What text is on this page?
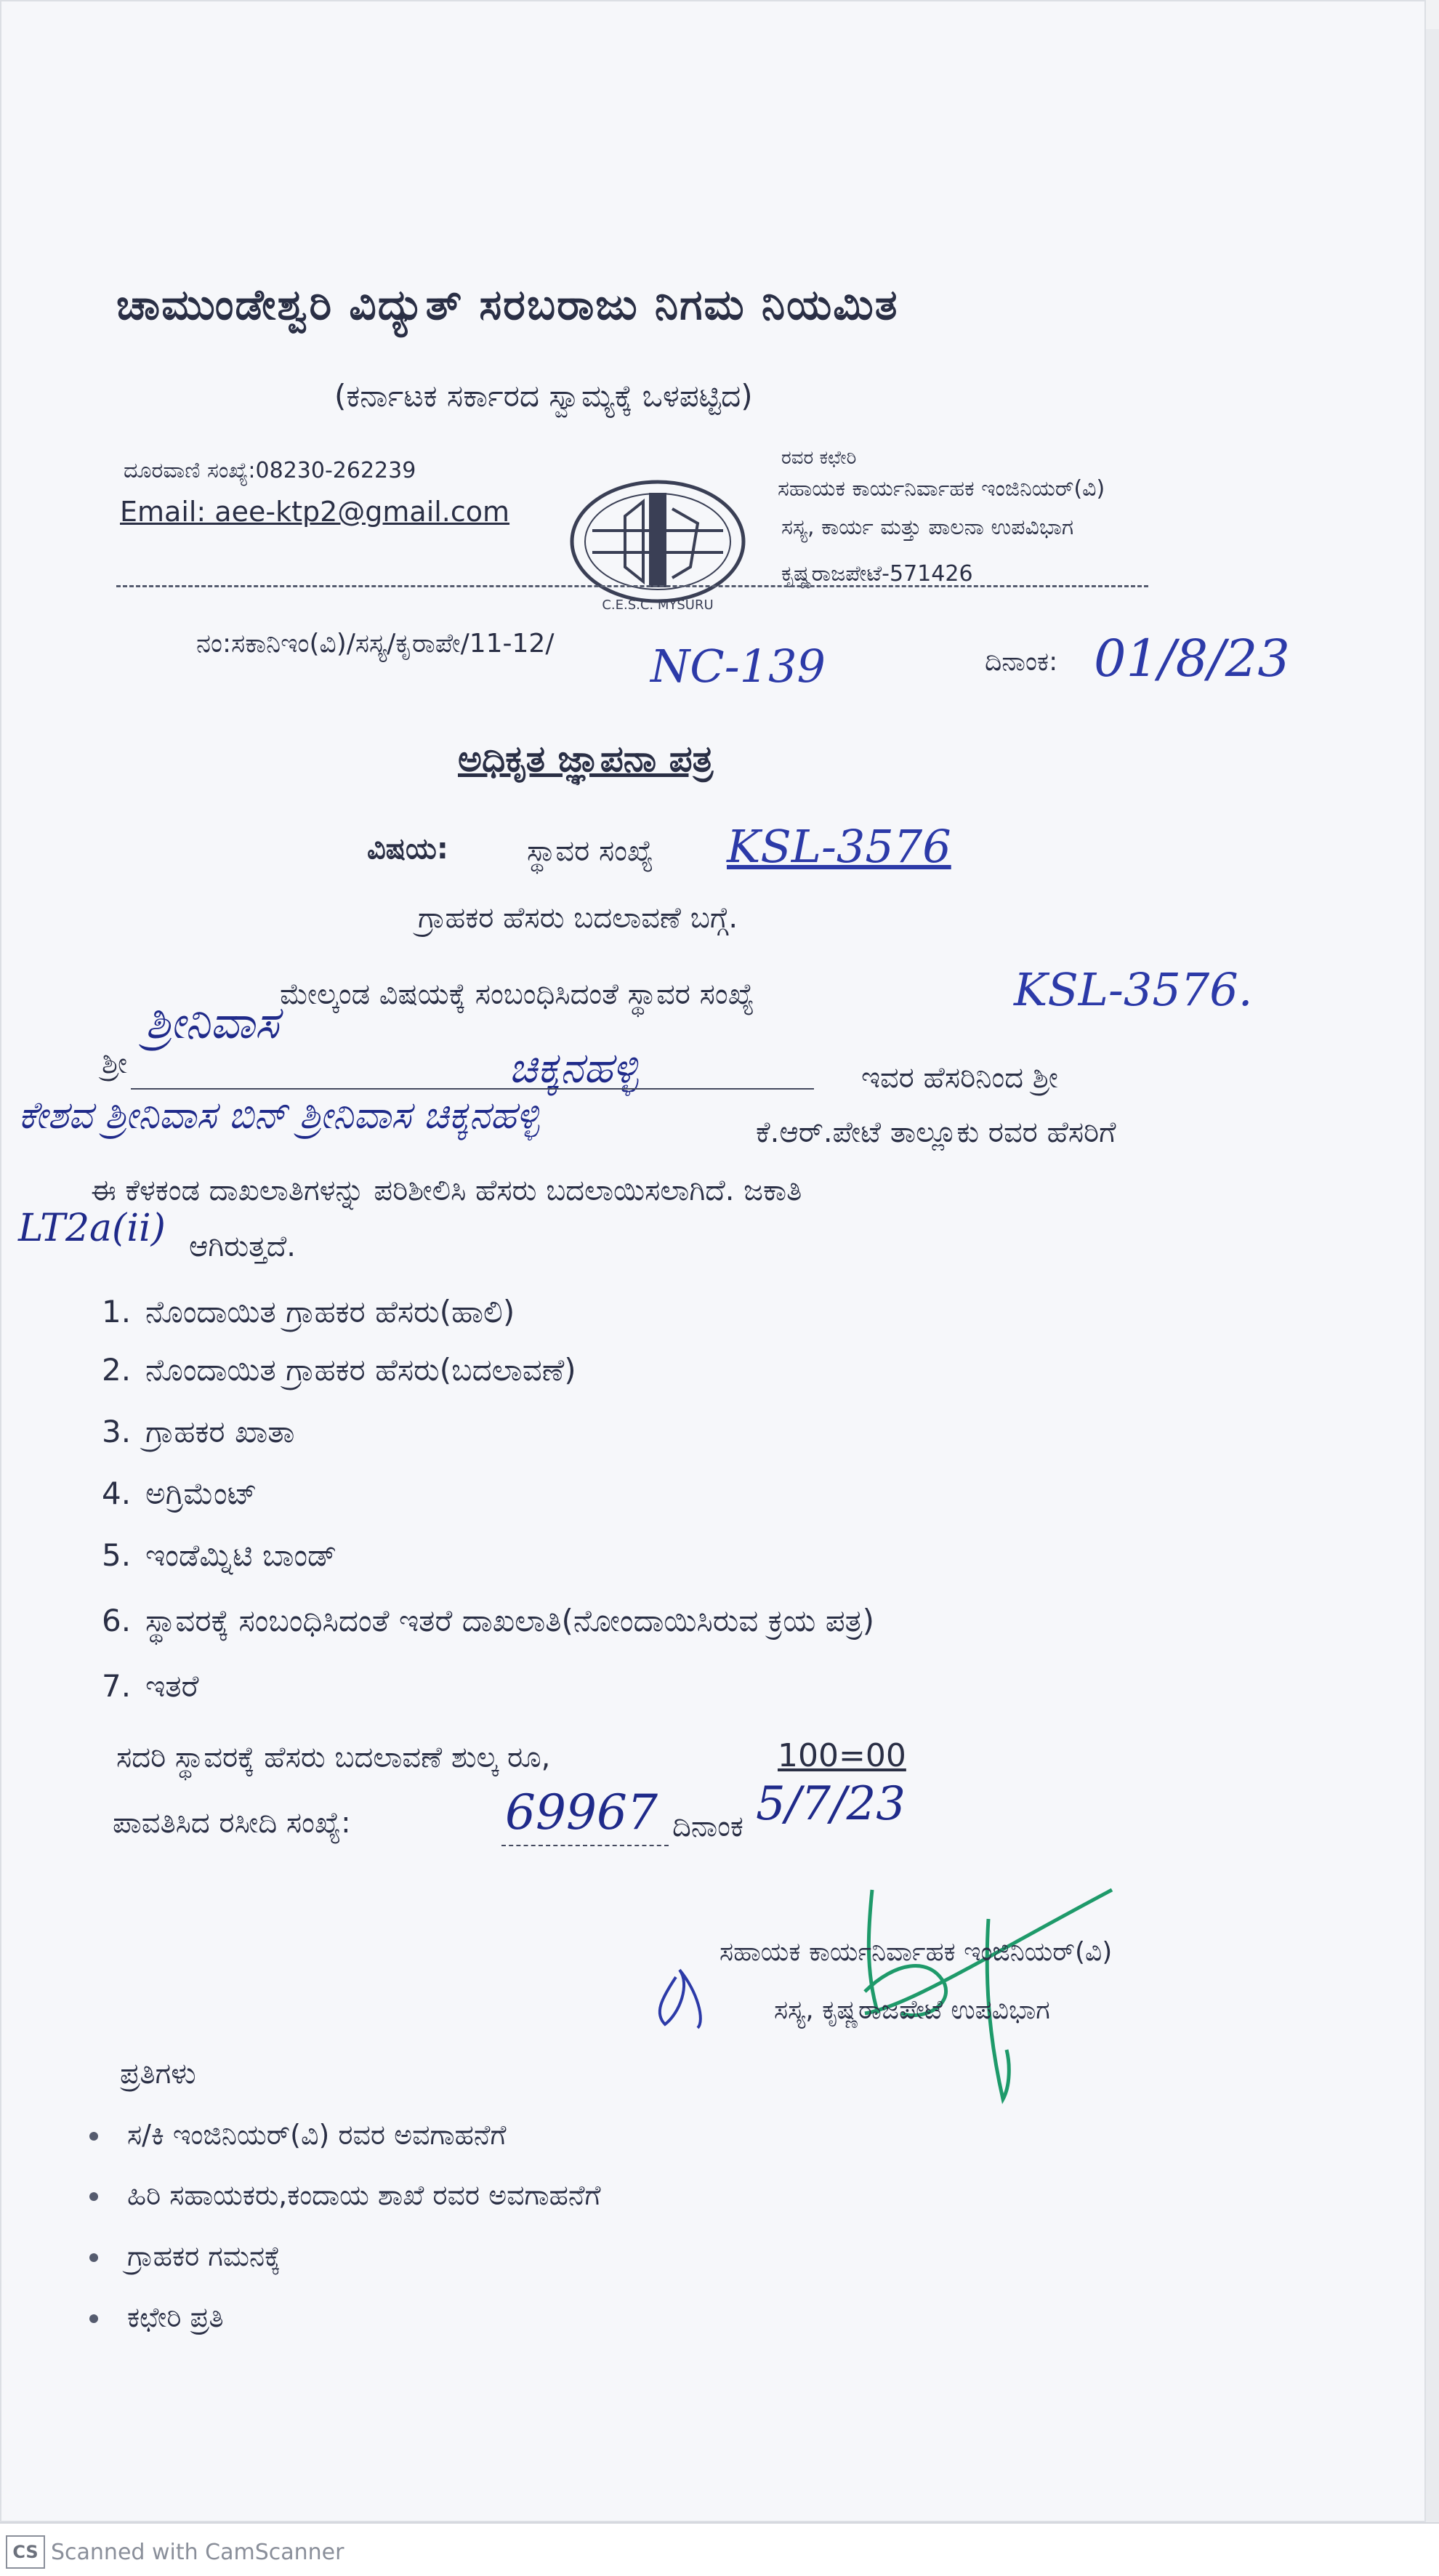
ಚಾಮುಂಡೇಶ್ವರಿ ವಿದ್ಯುತ್ ಸರಬರಾಜು ನಿಗಮ ನಿಯಮಿತ
(ಕರ್ನಾಟಕ ಸರ್ಕಾರದ ಸ್ವಾಮ್ಯಕ್ಕೆ ಒಳಪಟ್ಟಿದ)
ದೂರವಾಣಿ ಸಂಖ್ಯೆ:08230-262239
Email: aee-ktp2@gmail.com
C.E.S.C. MYSURU
ರವರ ಕಛೇರಿ
ಸಹಾಯಕ ಕಾರ್ಯನಿರ್ವಾಹಕ ಇಂಜಿನಿಯರ್(ವಿ)
ಸಸ್ಯ, ಕಾರ್ಯ ಮತ್ತು ಪಾಲನಾ ಉಪವಿಭಾಗ
ಕೃಷ್ಣರಾಜಪೇಟೆ-571426
ನಂ:ಸಕಾನಿಇಂ(ವಿ)/ಸಸ್ಯ/ಕೃರಾಪೇ/11-12/ NC-139	ದಿನಾಂಕ: 01/8/23
ಅಧಿಕೃತ ಜ್ಞಾಪನಾ ಪತ್ರ
ವಿಷಯ:	ಸ್ಥಾವರ ಸಂಖ್ಯೆ KSL-3576
ಗ್ರಾಹಕರ ಹೆಸರು ಬದಲಾವಣೆ ಬಗ್ಗೆ.
ಮೇಲ್ಕಂಡ ವಿಷಯಕ್ಕೆ ಸಂಬಂಧಿಸಿದಂತೆ ಸ್ಥಾವರ ಸಂಖ್ಯೆ	KSL-3576.
ಶ್ರೀ
ಶ್ರೀನಿವಾಸ
ಚಿಕ್ಕನಹಳ್ಳಿ	ಇವರ ಹೆಸರಿನಿಂದ ಶ್ರೀ
ಕೇಶವ ಶ್ರೀನಿವಾಸ ಬಿನ್ ಶ್ರೀನಿವಾಸ ಚಿಕ್ಕನಹಳ್ಳಿ	ಕೆ.ಆರ್.ಪೇಟೆ ತಾಲ್ಲೂಕು ರವರ ಹೆಸರಿಗೆ
ಈ ಕೆಳಕಂಡ ದಾಖಲಾತಿಗಳನ್ನು ಪರಿಶೀಲಿಸಿ ಹೆಸರು ಬದಲಾಯಿಸಲಾಗಿದೆ. ಜಕಾತಿ
LT2a(ii) ಆಗಿರುತ್ತದೆ.
1. ನೊಂದಾಯಿತ ಗ್ರಾಹಕರ ಹೆಸರು(ಹಾಲಿ)
2. ನೊಂದಾಯಿತ ಗ್ರಾಹಕರ ಹೆಸರು(ಬದಲಾವಣೆ)
3. ಗ್ರಾಹಕರ ಖಾತಾ
4. ಅಗ್ರಿಮೆಂಟ್
5. ಇಂಡೆಮ್ನಿಟಿ ಬಾಂಡ್
6. ಸ್ಥಾವರಕ್ಕೆ ಸಂಬಂಧಿಸಿದಂತೆ ಇತರೆ ದಾಖಲಾತಿ(ನೋಂದಾಯಿಸಿರುವ ಕ್ರಯ ಪತ್ರ)
7. ಇತರೆ
ಸದರಿ ಸ್ಥಾವರಕ್ಕೆ ಹೆಸರು ಬದಲಾವಣೆ ಶುಲ್ಕ ರೂ,	100=00
ಪಾವತಿಸಿದ ರಸೀದಿ ಸಂಖ್ಯೆ:	69967 ದಿನಾಂಕ 5/7/23
ಸಹಾಯಕ ಕಾರ್ಯನಿರ್ವಾಹಕ ಇಂಜಿನಿಯರ್(ವಿ)
ಸಸ್ಯ, ಕೃಷ್ಣರಾಜಪೇಟೆ ಉಪವಿಭಾಗ
ಪ್ರತಿಗಳು
ಸ/ಕಿ ಇಂಜಿನಿಯರ್(ವಿ) ರವರ ಅವಗಾಹನೆಗೆ
ಹಿರಿ ಸಹಾಯಕರು,ಕಂದಾಯ ಶಾಖೆ ರವರ ಅವಗಾಹನೆಗೆ
ಗ್ರಾಹಕರ ಗಮನಕ್ಕೆ
ಕಛೇರಿ ಪ್ರತಿ
CS Scanned with CamScanner
